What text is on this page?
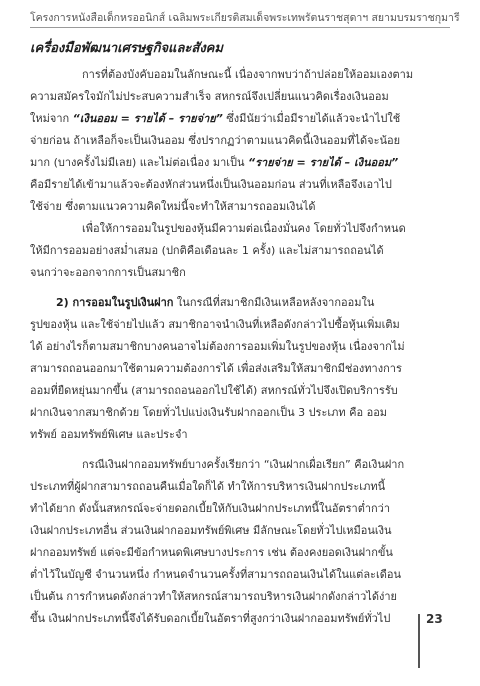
โครงการหนังสือเด็กหรออนิกส์ เฉลิมพระเกียรติสมเด็จพระเทพรัตนราชสุดาฯ สยามบรมราชกุมารี
เครื่องมือพัฒนาเศรษฐกิจและสังคม
การที่ต้องบังคับออมในลักษณะนี้ เนื่องจากพบว่าถ้าปล่อยให้ออมเองตาม
ความสมัครใจมักไม่ประสบความสำเร็จ สหกรณ์จึงเปลี่ยนแนวคิดเรื่องเงินออม
ใหม่จาก “เงินออม = รายได้ – รายจ่าย” ซึ่งมีนัยว่าเมื่อมีรายได้แล้วจะนำไปใช้
จ่ายก่อน ถ้าเหลือก็จะเป็นเงินออม ซึ่งปรากฏว่าตามแนวคิดนี้เงินออมที่ได้จะน้อย
มาก (บางครั้งไม่มีเลย) และไม่ต่อเนื่อง มาเป็น “รายจ่าย = รายได้ – เงินออม”
คือมีรายได้เข้ามาแล้วจะต้องหักส่วนหนึ่งเป็นเงินออมก่อน ส่วนที่เหลือจึงเอาไป
ใช้จ่าย ซึ่งตามแนวความคิดใหม่นี้จะทำให้สามารถออมเงินได้
เพื่อให้การออมในรูปของหุ้นมีความต่อเนื่องมั่นคง โดยทั่วไปจึงกำหนด
ให้มีการออมอย่างสม่ำเสมอ (ปกติคือเดือนละ 1 ครั้ง) และไม่สามารถถอนได้
จนกว่าจะออกจากการเป็นสมาชิก
2) การออมในรูปเงินฝาก ในกรณีที่สมาชิกมีเงินเหลือหลังจากออมใน
รูปของหุ้น และใช้จ่ายไปแล้ว สมาชิกอาจนำเงินที่เหลือดังกล่าวไปซื้อหุ้นเพิ่มเติม
ได้ อย่างไรก็ตามสมาชิกบางคนอาจไม่ต้องการออมเพิ่มในรูปของหุ้น เนื่องจากไม่
สามารถถอนออกมาใช้ตามความต้องการได้ เพื่อส่งเสริมให้สมาชิกมีช่องทางการ
ออมที่ยืดหยุ่นมากขึ้น (สามารถถอนออกไปใช้ได้) สหกรณ์ทั่วไปจึงเปิดบริการรับ
ฝากเงินจากสมาชิกด้วย โดยทั่วไปแบ่งเงินรับฝากออกเป็น 3 ประเภท คือ ออม
ทรัพย์ ออมทรัพย์พิเศษ และประจำ
กรณีเงินฝากออมทรัพย์บางครั้งเรียกว่า “เงินฝากเผื่อเรียก” คือเงินฝาก
ประเภทที่ผู้ฝากสามารถถอนคืนเมื่อใดก็ได้ ทำให้การบริหารเงินฝากประเภทนี้
ทำได้ยาก ดังนั้นสหกรณ์จะจ่ายดอกเบี้ยให้กับเงินฝากประเภทนี้ในอัตราต่ำกว่า
เงินฝากประเภทอื่น ส่วนเงินฝากออมทรัพย์พิเศษ มีลักษณะโดยทั่วไปเหมือนเงิน
ฝากออมทรัพย์ แต่จะมีข้อกำหนดพิเศษบางประการ เช่น ต้องคงยอดเงินฝากขั้น
ต่ำไว้ในบัญชี จำนวนหนึ่ง กำหนดจำนวนครั้งที่สามารถถอนเงินได้ในแต่ละเดือน
เป็นต้น การกำหนดดังกล่าวทำให้สหกรณ์สามารถบริหารเงินฝากดังกล่าวได้ง่าย
ขึ้น เงินฝากประเภทนี้จึงได้รับดอกเบี้ยในอัตราที่สูงกว่าเงินฝากออมทรัพย์ทั่วไป	23
